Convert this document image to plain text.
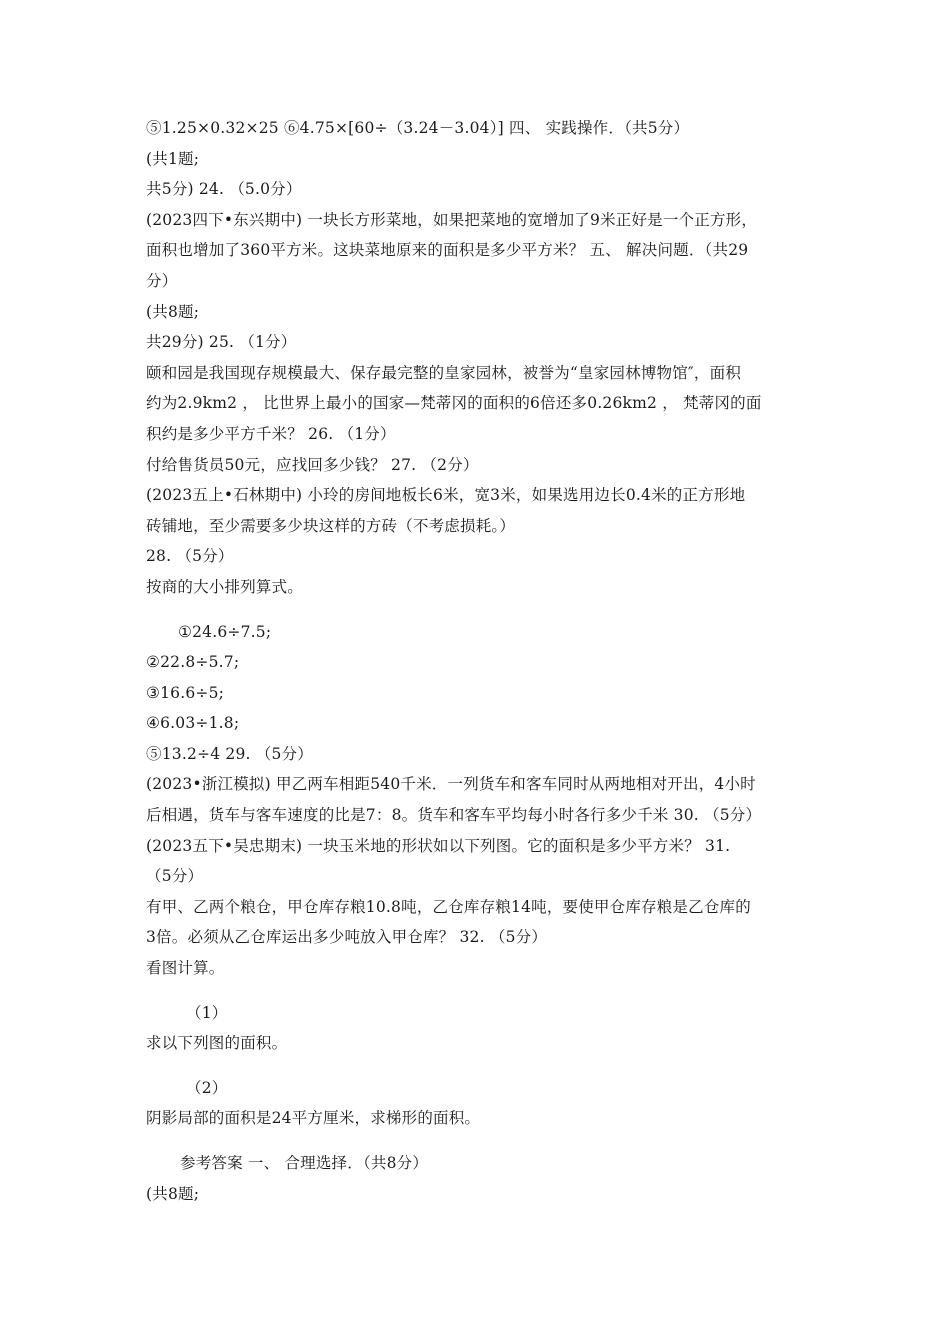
⑤1.25×0.32×25 ⑥4.75×[60÷（3.24－3.04）] 四、 实践操作．（共5分）
(共1题;
共5分) 24. （5.0分）
(2023四下•东兴期中) 一块长方形菜地，如果把菜地的宽增加了9米正好是一个正方形，
面积也增加了360平方米。这块菜地原来的面积是多少平方米？ 五、 解决问题．（共29
分）
(共8题;
共29分) 25. （1分）
颐和园是我国现存规模最大、保存最完整的皇家园林，被誉为“皇家园林博物馆″，面积
约为2.9km2 ， 比世界上最小的国家—梵蒂冈的面积的6倍还多0.26km2 ， 梵蒂冈的面
积约是多少平方千米？ 26. （1分）
付给售货员50元，应找回多少钱？ 27. （2分）
(2023五上•石林期中) 小玲的房间地板长6米，宽3米，如果选用边长0.4米的正方形地
砖铺地，至少需要多少块这样的方砖（不考虑损耗。）
28. （5分）
按商的大小排列算式。
①24.6÷7.5;
②22.8÷5.7;
③16.6÷5;
④6.03÷1.8;
⑤13.2÷4 29. （5分）
(2023•浙江模拟) 甲乙两车相距540千米．一列货车和客车同时从两地相对开出，4小时
后相遇，货车与客车速度的比是7：8。货车和客车平均每小时各行多少千米 30. （5分）
(2023五下•吴忠期末) 一块玉米地的形状如以下列图。它的面积是多少平方米？ 31.
（5分）
有甲、乙两个粮仓，甲仓库存粮10.8吨，乙仓库存粮14吨，要使甲仓库存粮是乙仓库的
3倍。必须从乙仓库运出多少吨放入甲仓库？ 32. （5分）
看图计算。
（1）
求以下列图的面积。
（2）
阴影局部的面积是24平方厘米，求梯形的面积。
参考答案 一、 合理选择．（共8分）
(共8题;
